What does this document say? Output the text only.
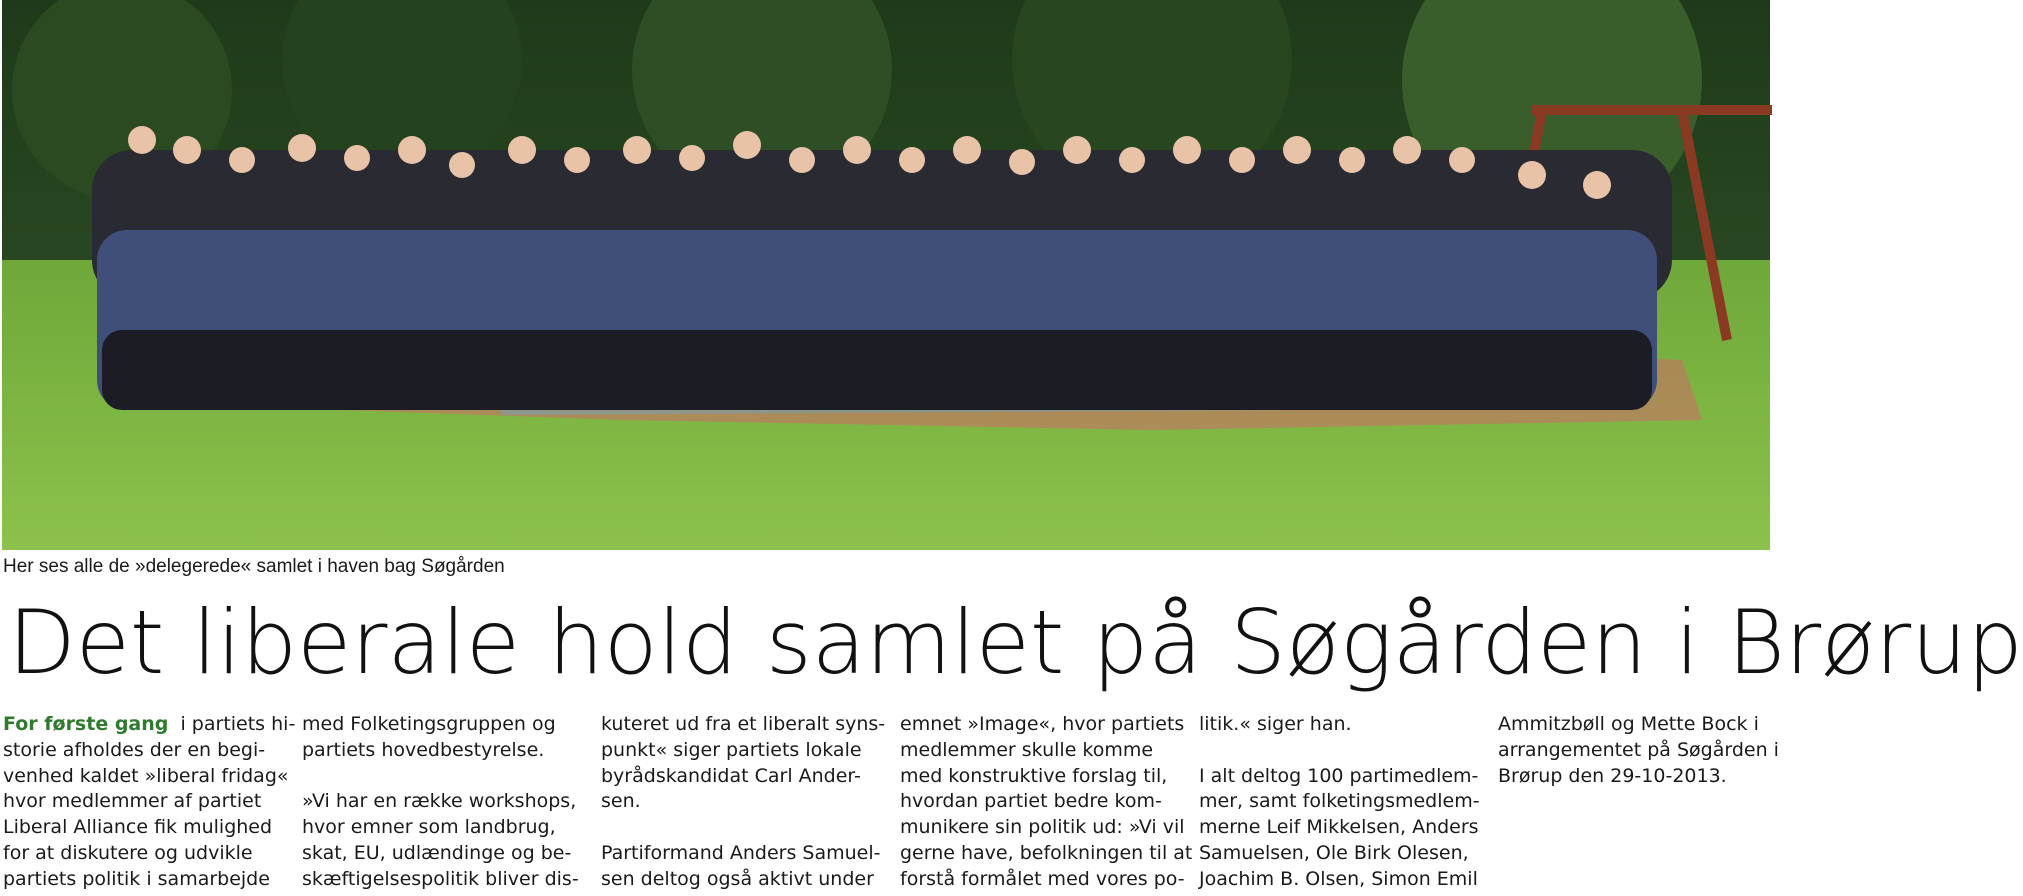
Her ses alle de »delegerede« samlet i haven bag Søgården
Det liberale hold samlet på Søgården i Brørup

For første gang i partiets hi-

storie afholdes der en begi-

venhed kaldet »liberal fridag«

hvor medlemmer af partiet

Liberal Alliance fik mulighed

for at diskutere og udvikle

partiets politik i samarbejde

med Folketingsgruppen og

partiets hovedbestyrelse.

»Vi har en række workshops,

hvor emner som landbrug,

skat, EU, udlændinge og be-

skæftigelsespolitik bliver dis-

kuteret ud fra et liberalt syns-

punkt« siger partiets lokale

byrådskandidat Carl Ander-

sen.

Partiformand Anders Samuel-

sen deltog også aktivt under

emnet »Image«, hvor partiets

medlemmer skulle komme

med konstruktive forslag til,

hvordan partiet bedre kom-

munikere sin politik ud: »Vi vil

gerne have, befolkningen til at

forstå formålet med vores po-

litik.« siger han.

I alt deltog 100 partimedlem-

mer, samt folketingsmedlem-

merne Leif Mikkelsen, Anders

Samuelsen, Ole Birk Olesen,

Joachim B. Olsen, Simon Emil

Ammitzbøll og Mette Bock i

arrangementet på Søgården i

Brørup den 29-10-2013.
